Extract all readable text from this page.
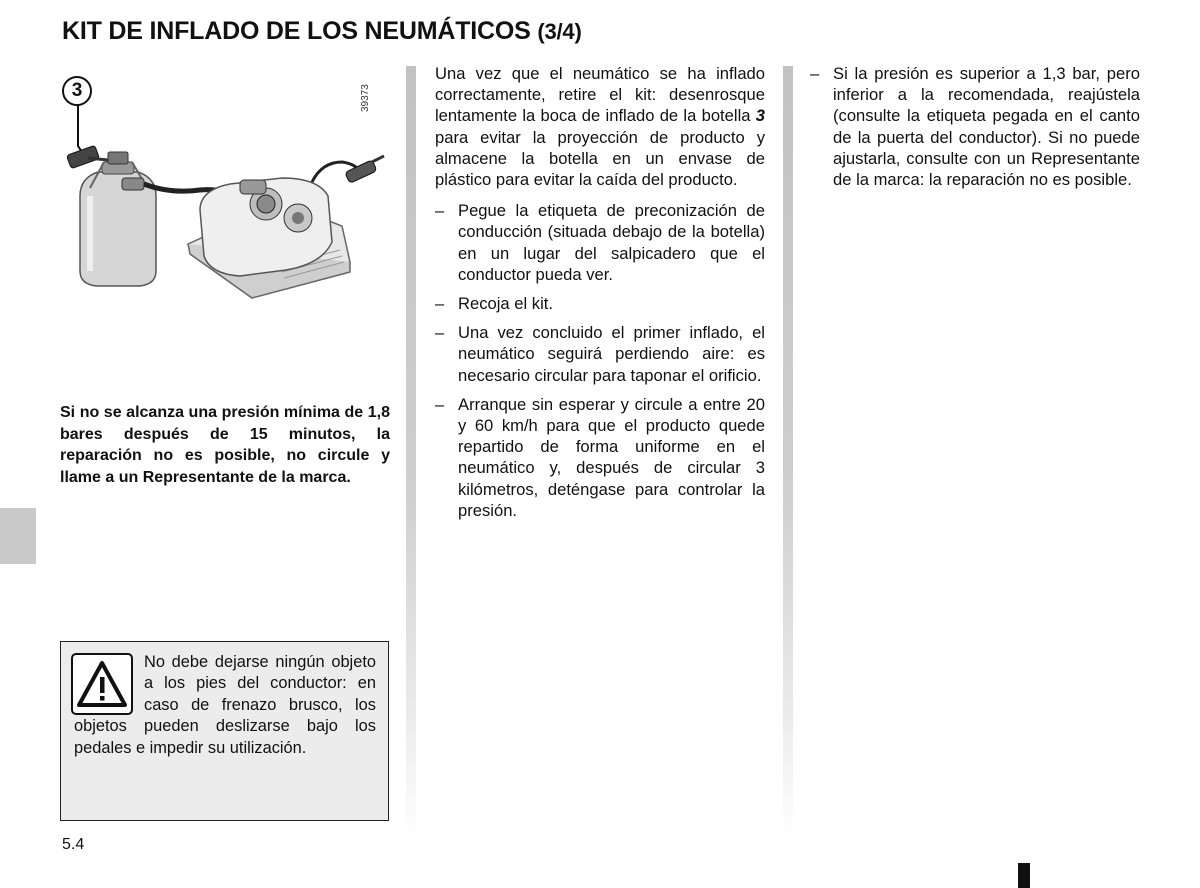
KIT DE INFLADO DE LOS NEUMÁTICOS (3/4)
3	39373
Si no se alcanza una presión mínima de 1,8 bares después de 15 minutos, la reparación no es posible, no circule y llame a un Representante de la marca.
No debe dejarse ningún objeto a los pies del conductor: en caso de frenazo brusco, los objetos pueden deslizarse bajo los pedales e impedir su utilización.
Una vez que el neumático se ha inflado correctamente, retire el kit: desenrosque lentamente la boca de inflado de la botella 3 para evitar la proyección de producto y almacene la botella en un envase de plástico para evitar la caída del producto.
– Pegue la etiqueta de preconización de conducción (situada debajo de la botella) en un lugar del salpicadero que el conductor pueda ver.
– Recoja el kit.
– Una vez concluido el primer inflado, el neumático seguirá perdiendo aire: es necesario circular para taponar el orificio.
– Arranque sin esperar y circule a entre 20 y 60 km/h para que el producto quede repartido de forma uniforme en el neumático y, después de circular 3 kilómetros, deténgase para controlar la presión.
– Si la presión es superior a 1,3 bar, pero inferior a la recomendada, reajústela (consulte la etiqueta pegada en el canto de la puerta del conductor). Si no puede ajustarla, consulte con un Representante de la marca: la reparación no es posible.
5.4
